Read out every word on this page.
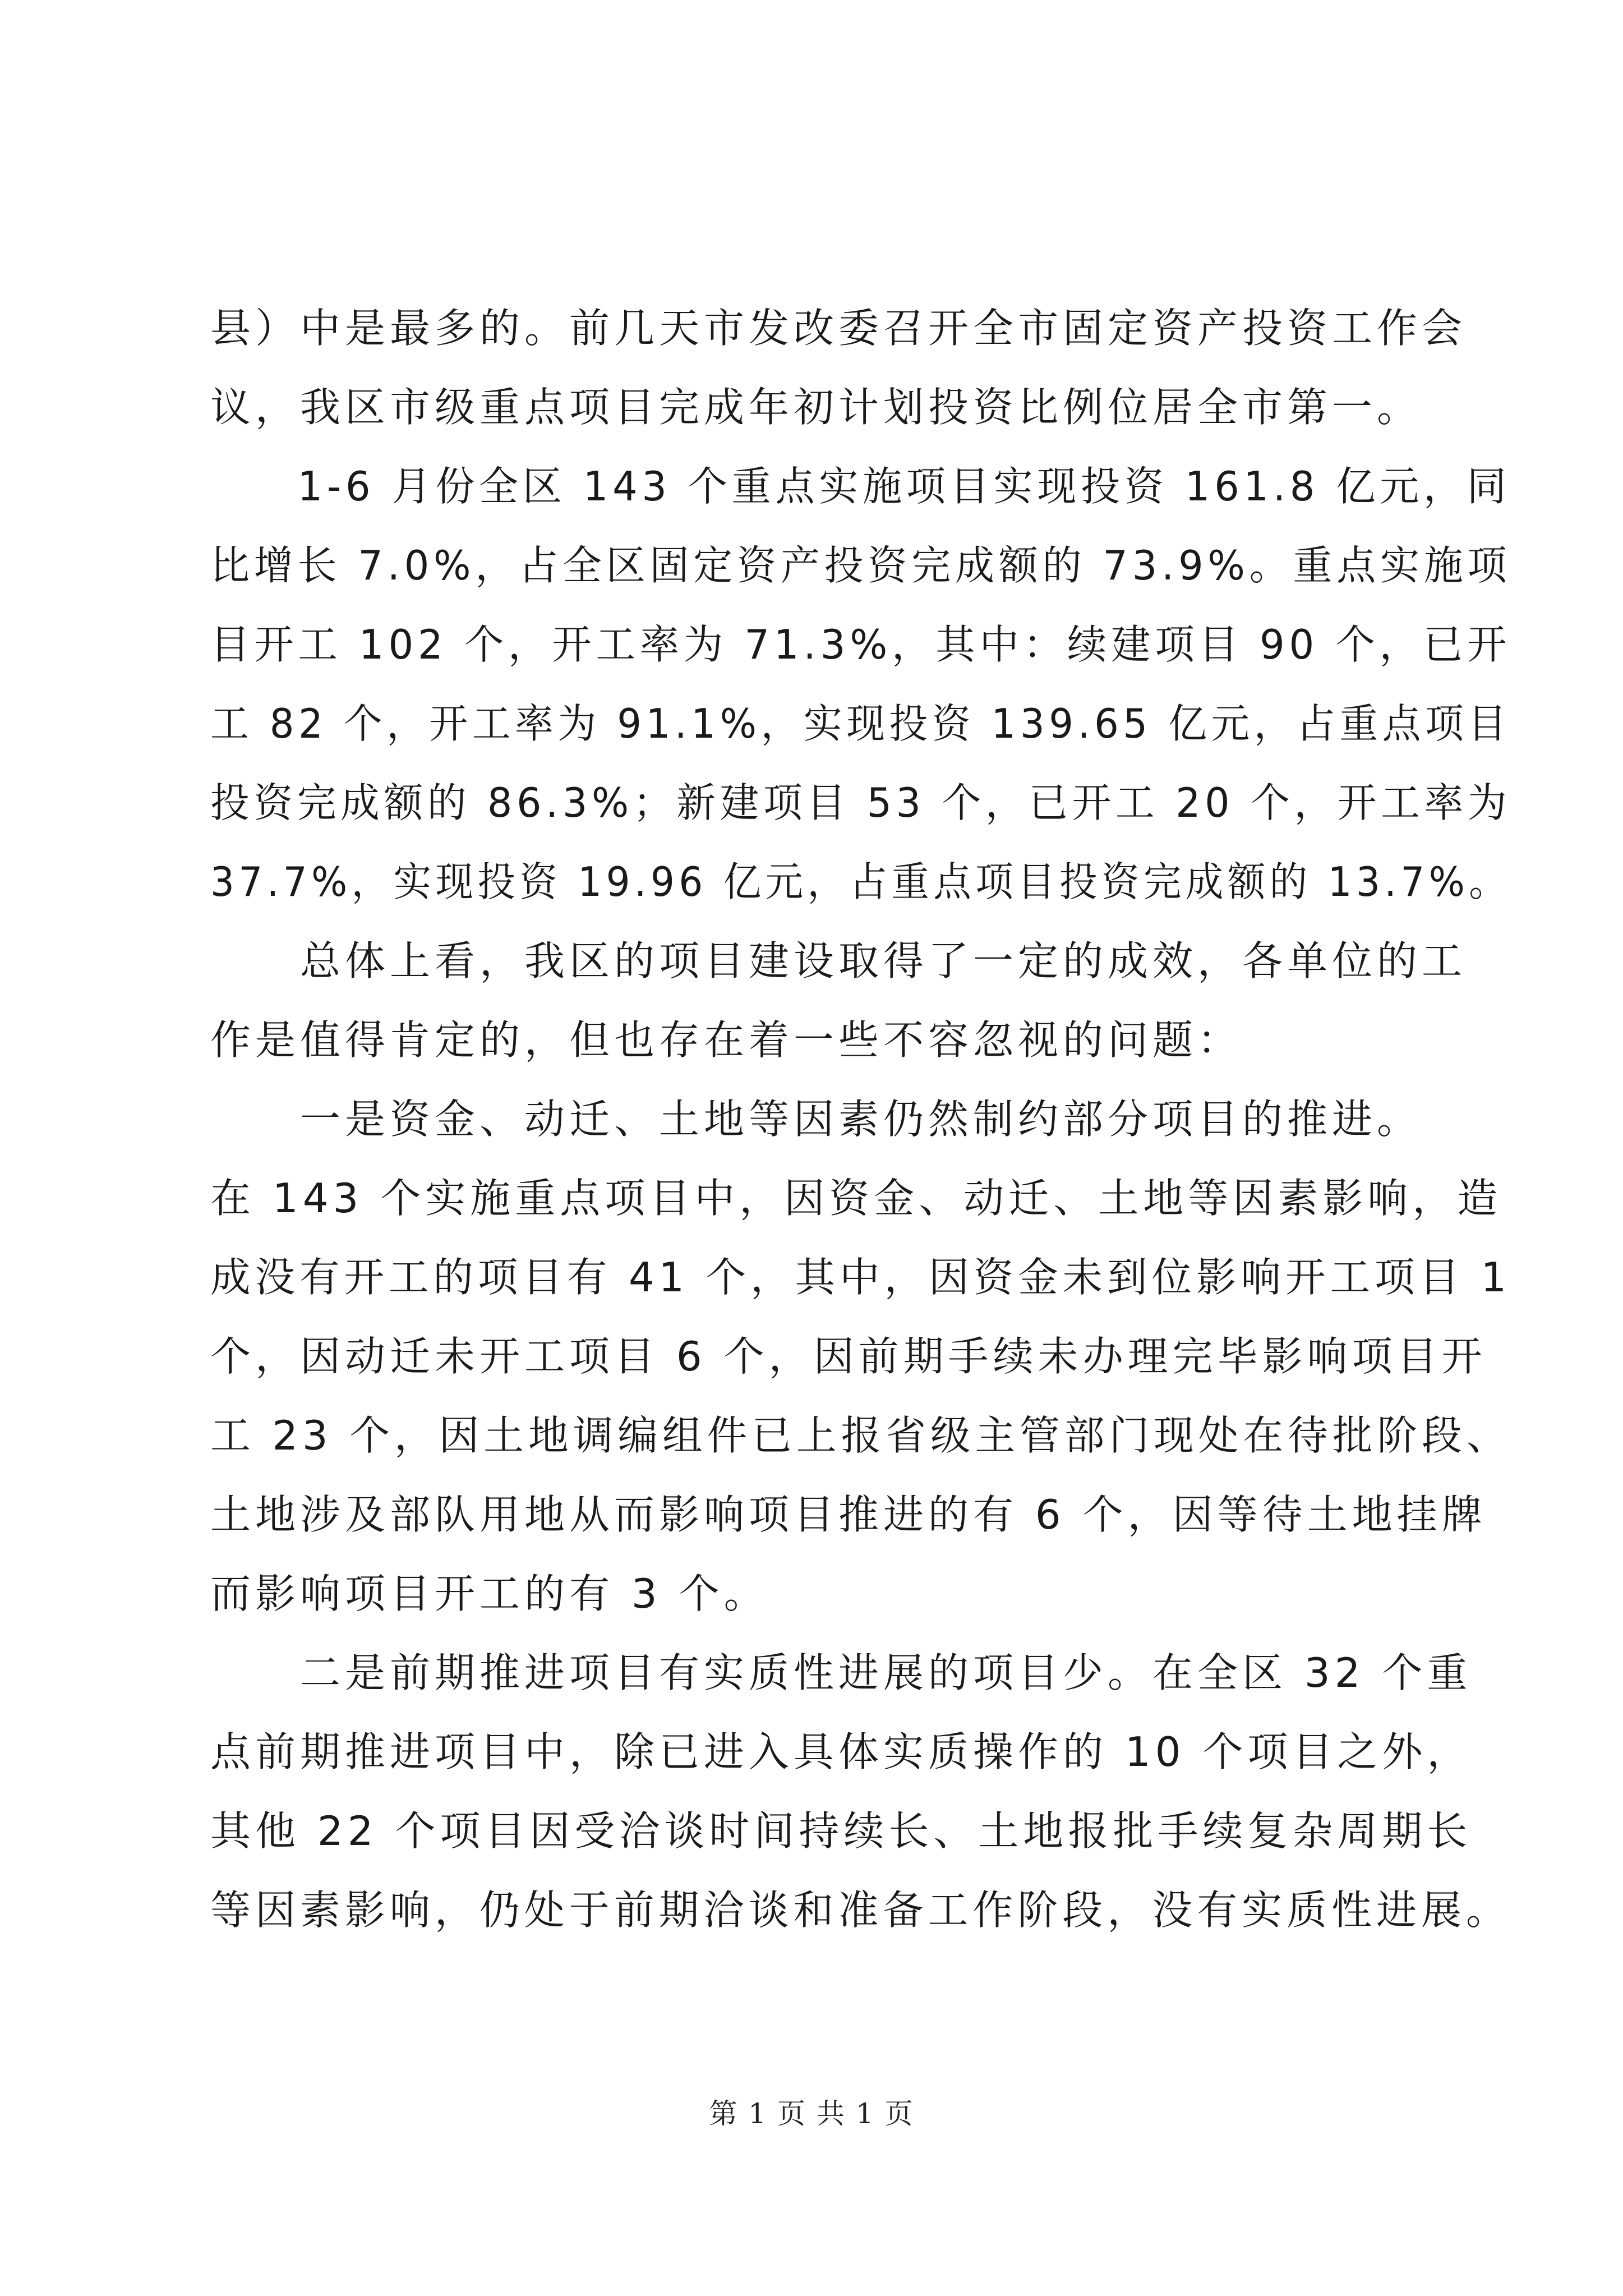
县）中是最多的。前几天市发改委召开全市固定资产投资工作会
议，我区市级重点项目完成年初计划投资比例位居全市第一。
　　1-6 月份全区 143 个重点实施项目实现投资 161.8 亿元，同
比增长 7.0%，占全区固定资产投资完成额的 73.9%。重点实施项
目开工 102 个，开工率为 71.3%，其中：续建项目 90 个，已开
工 82 个，开工率为 91.1%，实现投资 139.65 亿元，占重点项目
投资完成额的 86.3%；新建项目 53 个，已开工 20 个，开工率为
37.7%，实现投资 19.96 亿元，占重点项目投资完成额的 13.7%。
　　总体上看，我区的项目建设取得了一定的成效，各单位的工
作是值得肯定的，但也存在着一些不容忽视的问题：
　　一是资金、动迁、土地等因素仍然制约部分项目的推进。
在 143 个实施重点项目中，因资金、动迁、土地等因素影响，造
成没有开工的项目有 41 个，其中，因资金未到位影响开工项目 1
个，因动迁未开工项目 6 个，因前期手续未办理完毕影响项目开
工 23 个，因土地调编组件已上报省级主管部门现处在待批阶段、
土地涉及部队用地从而影响项目推进的有 6 个，因等待土地挂牌
而影响项目开工的有 3 个。
　　二是前期推进项目有实质性进展的项目少。在全区 32 个重
点前期推进项目中，除已进入具体实质操作的 10 个项目之外，
其他 22 个项目因受洽谈时间持续长、土地报批手续复杂周期长
等因素影响，仍处于前期洽谈和准备工作阶段，没有实质性进展。
第 1 页 共 1 页
